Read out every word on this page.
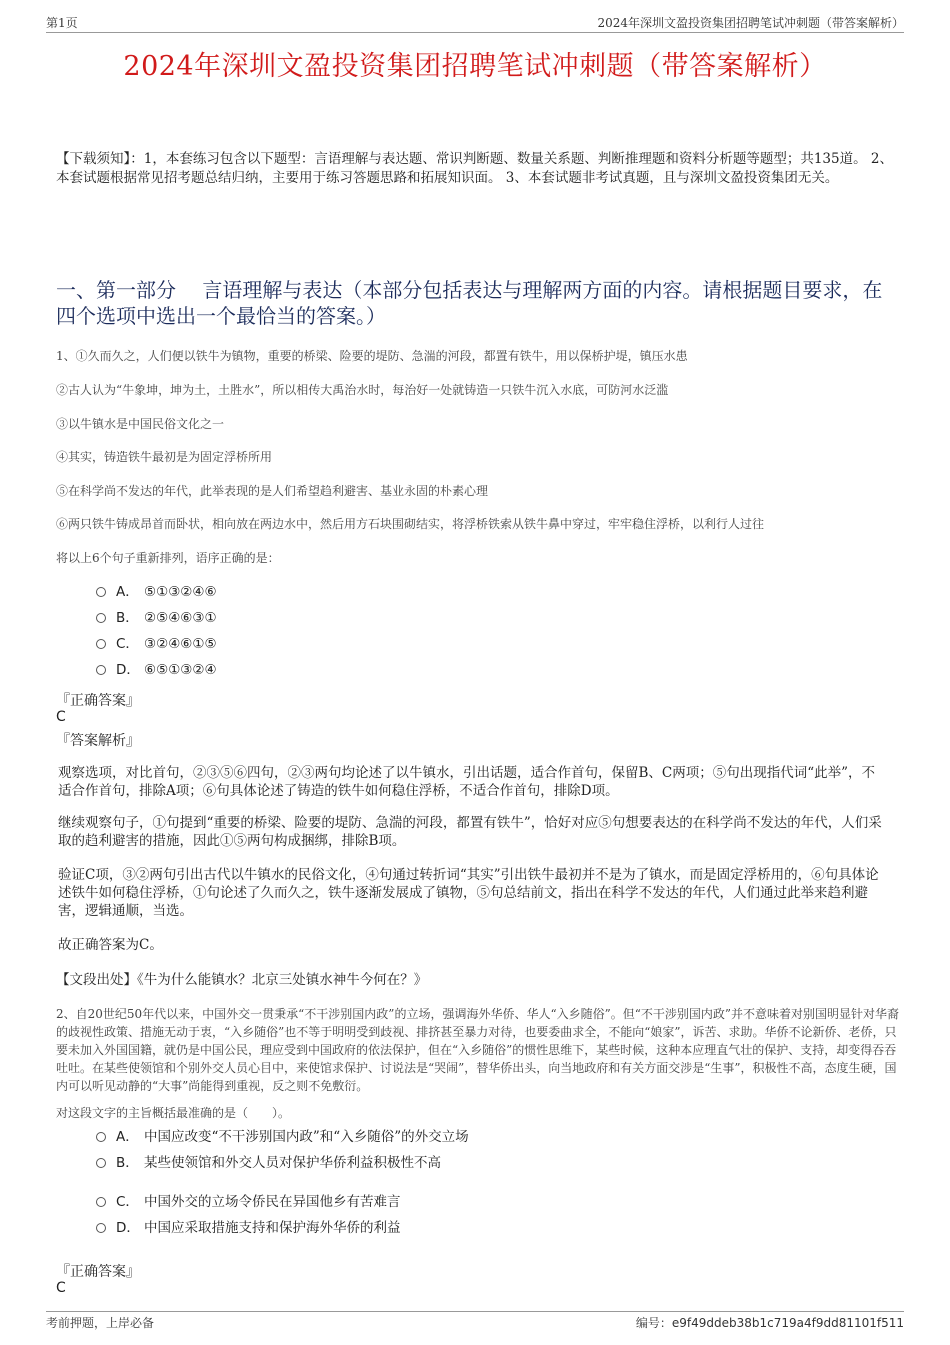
第1页	2024年深圳文盈投资集团招聘笔试冲刺题（带答案解析）
2024年深圳文盈投资集团招聘笔试冲刺题（带答案解析）
【下载须知】：1，本套练习包含以下题型：言语理解与表达题、常识判断题、数量关系题、判断推理题和资料分析题等题型；共135道。 2、本套试题根据常见招考题总结归纳，主要用于练习答题思路和拓展知识面。 3、本套试题非考试真题，且与深圳文盈投资集团无关。
一、第一部分　 言语理解与表达（本部分包括表达与理解两方面的内容。请根据题目要求，在四个选项中选出一个最恰当的答案。）
1、①久而久之，人们便以铁牛为镇物，重要的桥梁、险要的堤防、急湍的河段，都置有铁牛，用以保桥护堤，镇压水患
②古人认为“牛象坤，坤为土，土胜水”，所以相传大禹治水时，每治好一处就铸造一只铁牛沉入水底，可防河水泛滥
③以牛镇水是中国民俗文化之一
④其实，铸造铁牛最初是为固定浮桥所用
⑤在科学尚不发达的年代，此举表现的是人们希望趋利避害、基业永固的朴素心理
⑥两只铁牛铸成昂首而卧状，相向放在两边水中，然后用方石块围砌结实，将浮桥铁索从铁牛鼻中穿过，牢牢稳住浮桥，以利行人过往
将以上6个句子重新排列，语序正确的是：
A． ⑤①③②④⑥
B． ②⑤④⑥③①
C． ③②④⑥①⑤
D． ⑥⑤①③②④
『正确答案』
C
『答案解析』
观察选项，对比首句，②③⑤⑥四句，②③两句均论述了以牛镇水，引出话题，适合作首句，保留B、C两项；⑤句出现指代词“此举”，不适合作首句，排除A项；⑥句具体论述了铸造的铁牛如何稳住浮桥，不适合作首句，排除D项。
继续观察句子，①句提到“重要的桥梁、险要的堤防、急湍的河段，都置有铁牛”，恰好对应⑤句想要表达的在科学尚不发达的年代，人们采取的趋利避害的措施，因此①⑤两句构成捆绑，排除B项。
验证C项，③②两句引出古代以牛镇水的民俗文化，④句通过转折词“其实”引出铁牛最初并不是为了镇水，而是固定浮桥用的，⑥句具体论述铁牛如何稳住浮桥，①句论述了久而久之，铁牛逐渐发展成了镇物，⑤句总结前文，指出在科学不发达的年代，人们通过此举来趋利避害，逻辑通顺，当选。
故正确答案为C。
【文段出处】《牛为什么能镇水？北京三处镇水神牛今何在？》
2、自20世纪50年代以来，中国外交一贯秉承“不干涉别国内政”的立场，强调海外华侨、华人“入乡随俗”。但“不干涉别国内政”并不意味着对别国明显针对华裔的歧视性政策、措施无动于衷，“入乡随俗”也不等于明明受到歧视、排挤甚至暴力对待，也要委曲求全，不能向“娘家”，诉苦、求助。华侨不论新侨、老侨，只要未加入外国国籍，就仍是中国公民，理应受到中国政府的依法保护，但在“入乡随俗”的惯性思维下，某些时候，这种本应理直气壮的保护、支持，却变得吞吞吐吐。在某些使领馆和个别外交人员心目中，来使馆求保护、讨说法是“哭闹”，替华侨出头，向当地政府和有关方面交涉是“生事”，积极性不高，态度生硬，国内可以听见动静的“大事”尚能得到重视，反之则不免敷衍。
对这段文字的主旨概括最准确的是（　　）。
A． 中国应改变“不干涉别国内政”和“入乡随俗”的外交立场
B． 某些使领馆和外交人员对保护华侨利益积极性不高
C． 中国外交的立场令侨民在异国他乡有苦难言
D． 中国应采取措施支持和保护海外华侨的利益
『正确答案』
C
考前押题，上岸必备	编号：e9f49ddeb38b1c719a4f9dd81101f511
